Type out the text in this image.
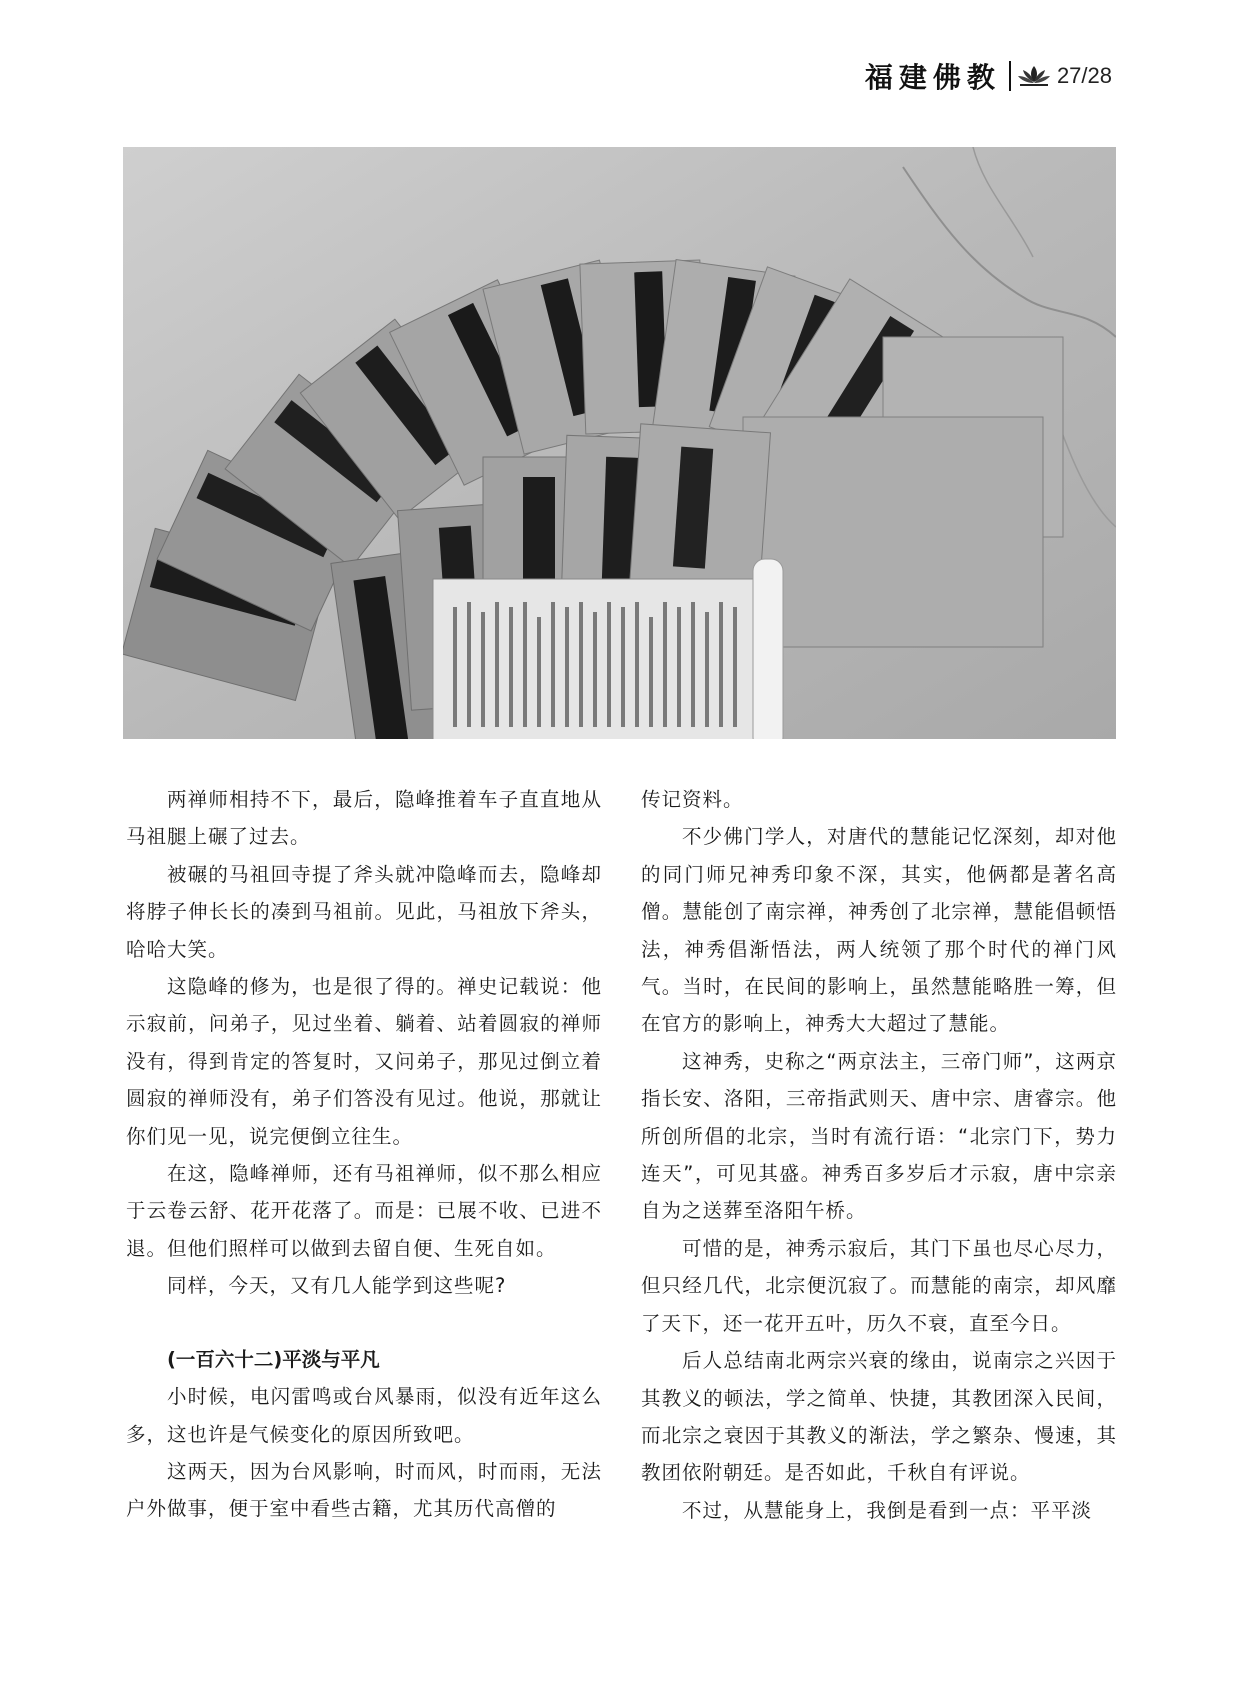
福建佛教	27/28

两禅师相持不下，最后，隐峰推着车子直直地从马祖腿上碾了过去。

被碾的马祖回寺提了斧头就冲隐峰而去，隐峰却将脖子伸长长的凑到马祖前。见此，马祖放下斧头，哈哈大笑。

这隐峰的修为，也是很了得的。禅史记载说：他示寂前，问弟子，见过坐着、躺着、站着圆寂的禅师没有，得到肯定的答复时，又问弟子，那见过倒立着圆寂的禅师没有，弟子们答没有见过。他说，那就让你们见一见，说完便倒立往生。

在这，隐峰禅师，还有马祖禅师，似不那么相应于云卷云舒、花开花落了。而是：已展不收、已进不退。但他们照样可以做到去留自便、生死自如。

同样，今天，又有几人能学到这些呢?

(一百六十二)平淡与平凡

小时候，电闪雷鸣或台风暴雨，似没有近年这么多，这也许是气候变化的原因所致吧。

这两天，因为台风影响，时而风，时而雨，无法户外做事，便于室中看些古籍，尤其历代高僧的

传记资料。

不少佛门学人，对唐代的慧能记忆深刻，却对他的同门师兄神秀印象不深，其实，他俩都是著名高僧。慧能创了南宗禅，神秀创了北宗禅，慧能倡顿悟法，神秀倡渐悟法，两人统领了那个时代的禅门风气。当时，在民间的影响上，虽然慧能略胜一筹，但在官方的影响上，神秀大大超过了慧能。

这神秀，史称之“两京法主，三帝门师”，这两京指长安、洛阳，三帝指武则天、唐中宗、唐睿宗。他所创所倡的北宗，当时有流行语：“北宗门下，势力连天”，可见其盛。神秀百多岁后才示寂，唐中宗亲自为之送葬至洛阳午桥。

可惜的是，神秀示寂后，其门下虽也尽心尽力，但只经几代，北宗便沉寂了。而慧能的南宗，却风靡了天下，还一花开五叶，历久不衰，直至今日。

后人总结南北两宗兴衰的缘由，说南宗之兴因于其教义的顿法，学之简单、快捷，其教团深入民间，而北宗之衰因于其教义的渐法，学之繁杂、慢速，其教团依附朝廷。是否如此，千秋自有评说。

不过，从慧能身上，我倒是看到一点：平平淡
